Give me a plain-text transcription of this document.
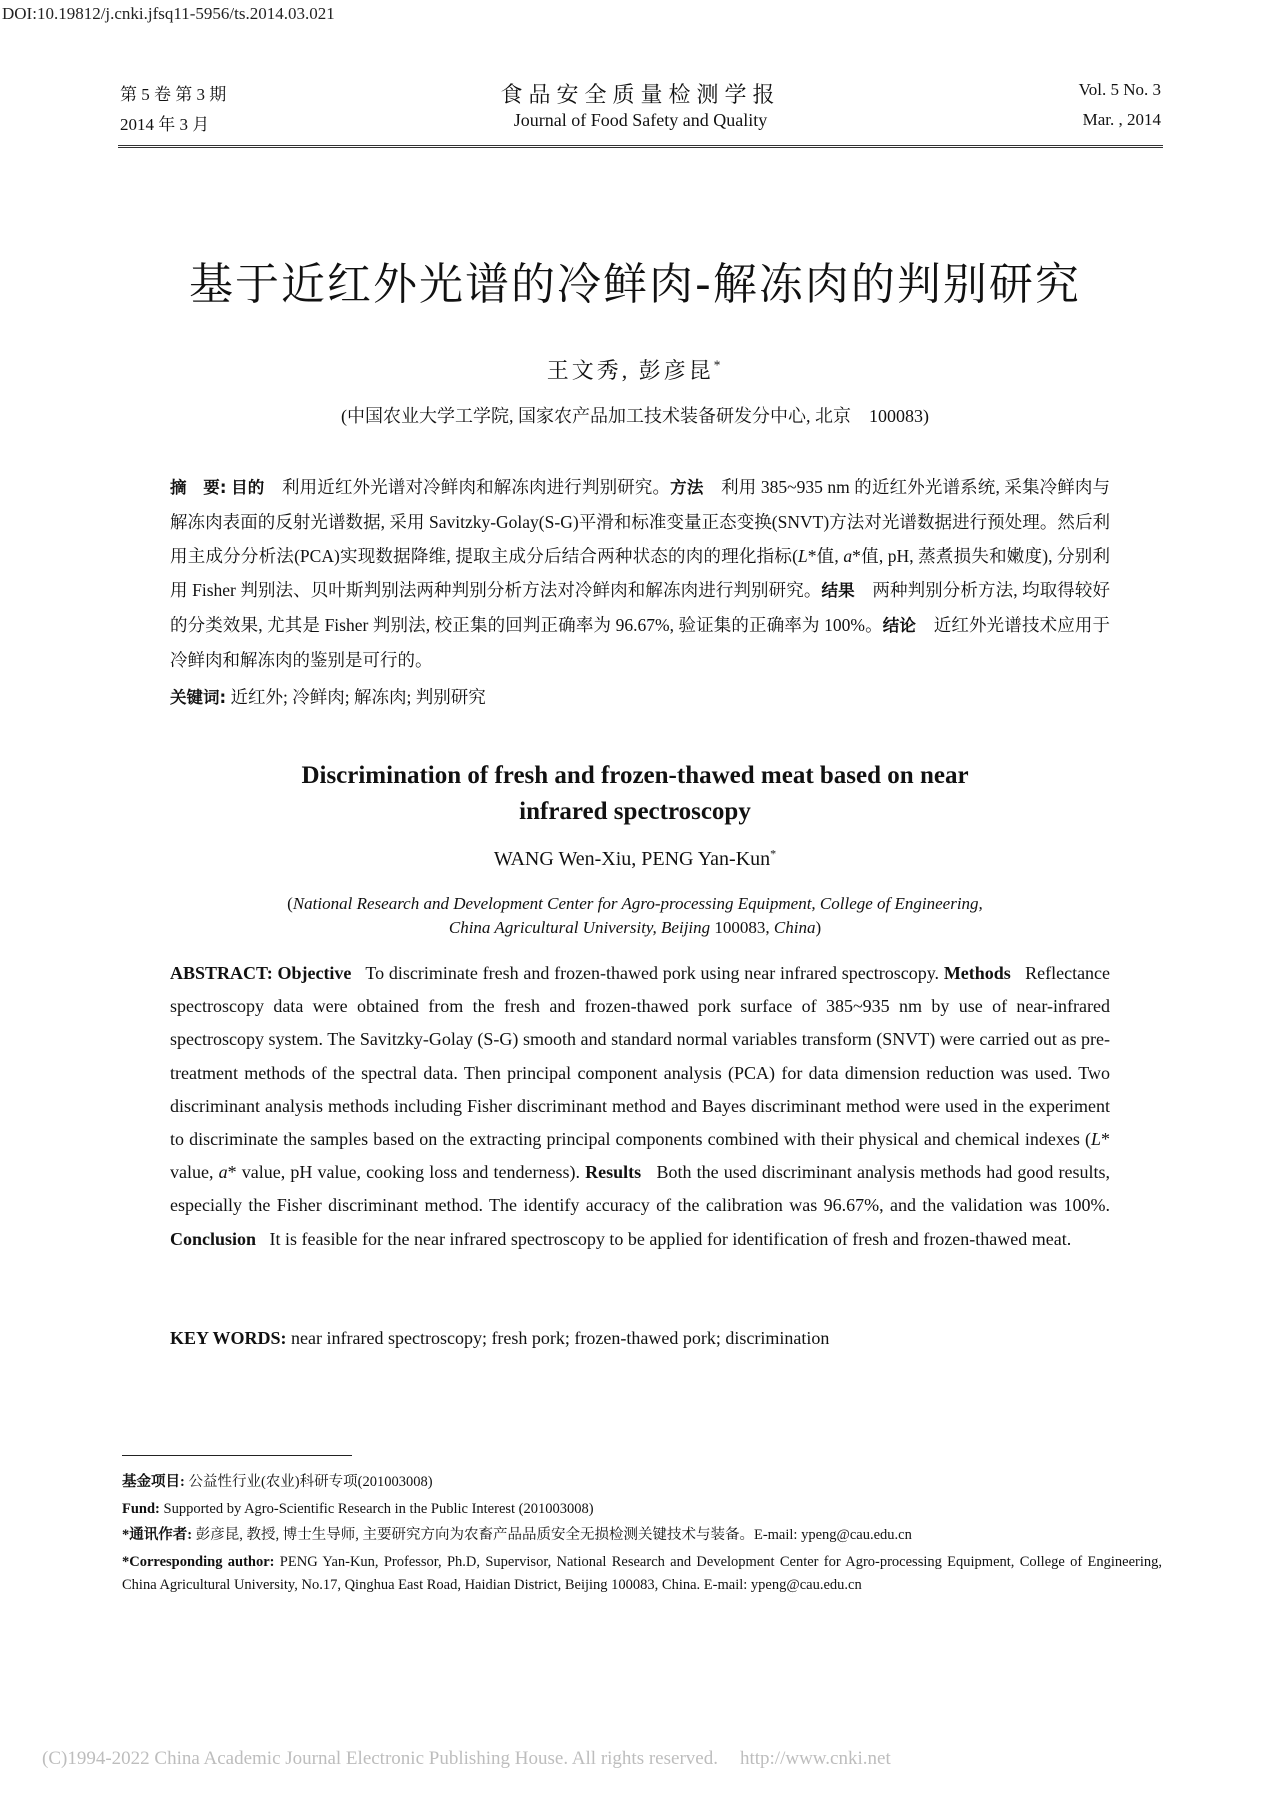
DOI:10.19812/j.cnki.jfsq11-5956/ts.2014.03.021
第 5 卷 第 3 期
2014 年 3 月
食品安全质量检测学报
Journal of Food Safety and Quality
Vol. 5 No. 3
Mar. , 2014
基于近红外光谱的冷鲜肉-解冻肉的判别研究
王文秀, 彭彦昆*
(中国农业大学工学院, 国家农产品加工技术装备研发分中心, 北京　100083)
摘　要: 目的　 利用近红外光谱对冷鲜肉和解冻肉进行判别研究。方法　 利用 385~935 nm 的近红外光谱系统, 采集冷鲜肉与解冻肉表面的反射光谱数据, 采用 Savitzky-Golay(S-G)平滑和标准变量正态变换(SNVT)方法对光谱数据进行预处理。然后利用主成分分析法(PCA)实现数据降维, 提取主成分后结合两种状态的肉的理化指标(L*值, a*值, pH, 蒸煮损失和嫩度), 分别利用 Fisher 判别法、贝叶斯判别法两种判别分析方法对冷鲜肉和解冻肉进行判别研究。结果　 两种判别分析方法, 均取得较好的分类效果, 尤其是 Fisher 判别法, 校正集的回判正确率为 96.67%, 验证集的正确率为 100%。结论　 近红外光谱技术应用于冷鲜肉和解冻肉的鉴别是可行的。
关键词: 近红外; 冷鲜肉; 解冻肉; 判别研究
Discrimination of fresh and frozen-thawed meat based on near
infrared spectroscopy
WANG Wen-Xiu, PENG Yan-Kun*
(National Research and Development Center for Agro-processing Equipment, College of Engineering,
China Agricultural University, Beijing 100083, China)
ABSTRACT: Objective To discriminate fresh and frozen-thawed pork using near infrared spectroscopy. Methods Reflectance spectroscopy data were obtained from the fresh and frozen-thawed pork surface of 385~935 nm by use of near-infrared spectroscopy system. The Savitzky-Golay (S-G) smooth and standard normal variables transform (SNVT) were carried out as pre-treatment methods of the spectral data. Then principal component analysis (PCA) for data dimension reduction was used. Two discriminant analysis methods including Fisher discriminant method and Bayes discriminant method were used in the experiment to discriminate the samples based on the extracting principal components combined with their physical and chemical indexes (L* value, a* value, pH value, cooking loss and tenderness). Results Both the used discriminant analysis methods had good results, especially the Fisher discriminant method. The identify accuracy of the calibration was 96.67%, and the validation was 100%. Conclusion It is feasible for the near infrared spectroscopy to be applied for identification of fresh and frozen-thawed meat.
KEY WORDS: near infrared spectroscopy; fresh pork; frozen-thawed pork; discrimination
基金项目: 公益性行业(农业)科研专项(201003008)
Fund: Supported by Agro-Scientific Research in the Public Interest (201003008)
*通讯作者: 彭彦昆, 教授, 博士生导师, 主要研究方向为农畜产品品质安全无损检测关键技术与装备。E-mail: ypeng@cau.edu.cn
*Corresponding author: PENG Yan-Kun, Professor, Ph.D, Supervisor, National Research and Development Center for Agro-processing Equipment, College of Engineering, China Agricultural University, No.17, Qinghua East Road, Haidian District, Beijing 100083, China. E-mail: ypeng@cau.edu.cn
(C)1994-2022 China Academic Journal Electronic Publishing House. All rights reserved. http://www.cnki.net
